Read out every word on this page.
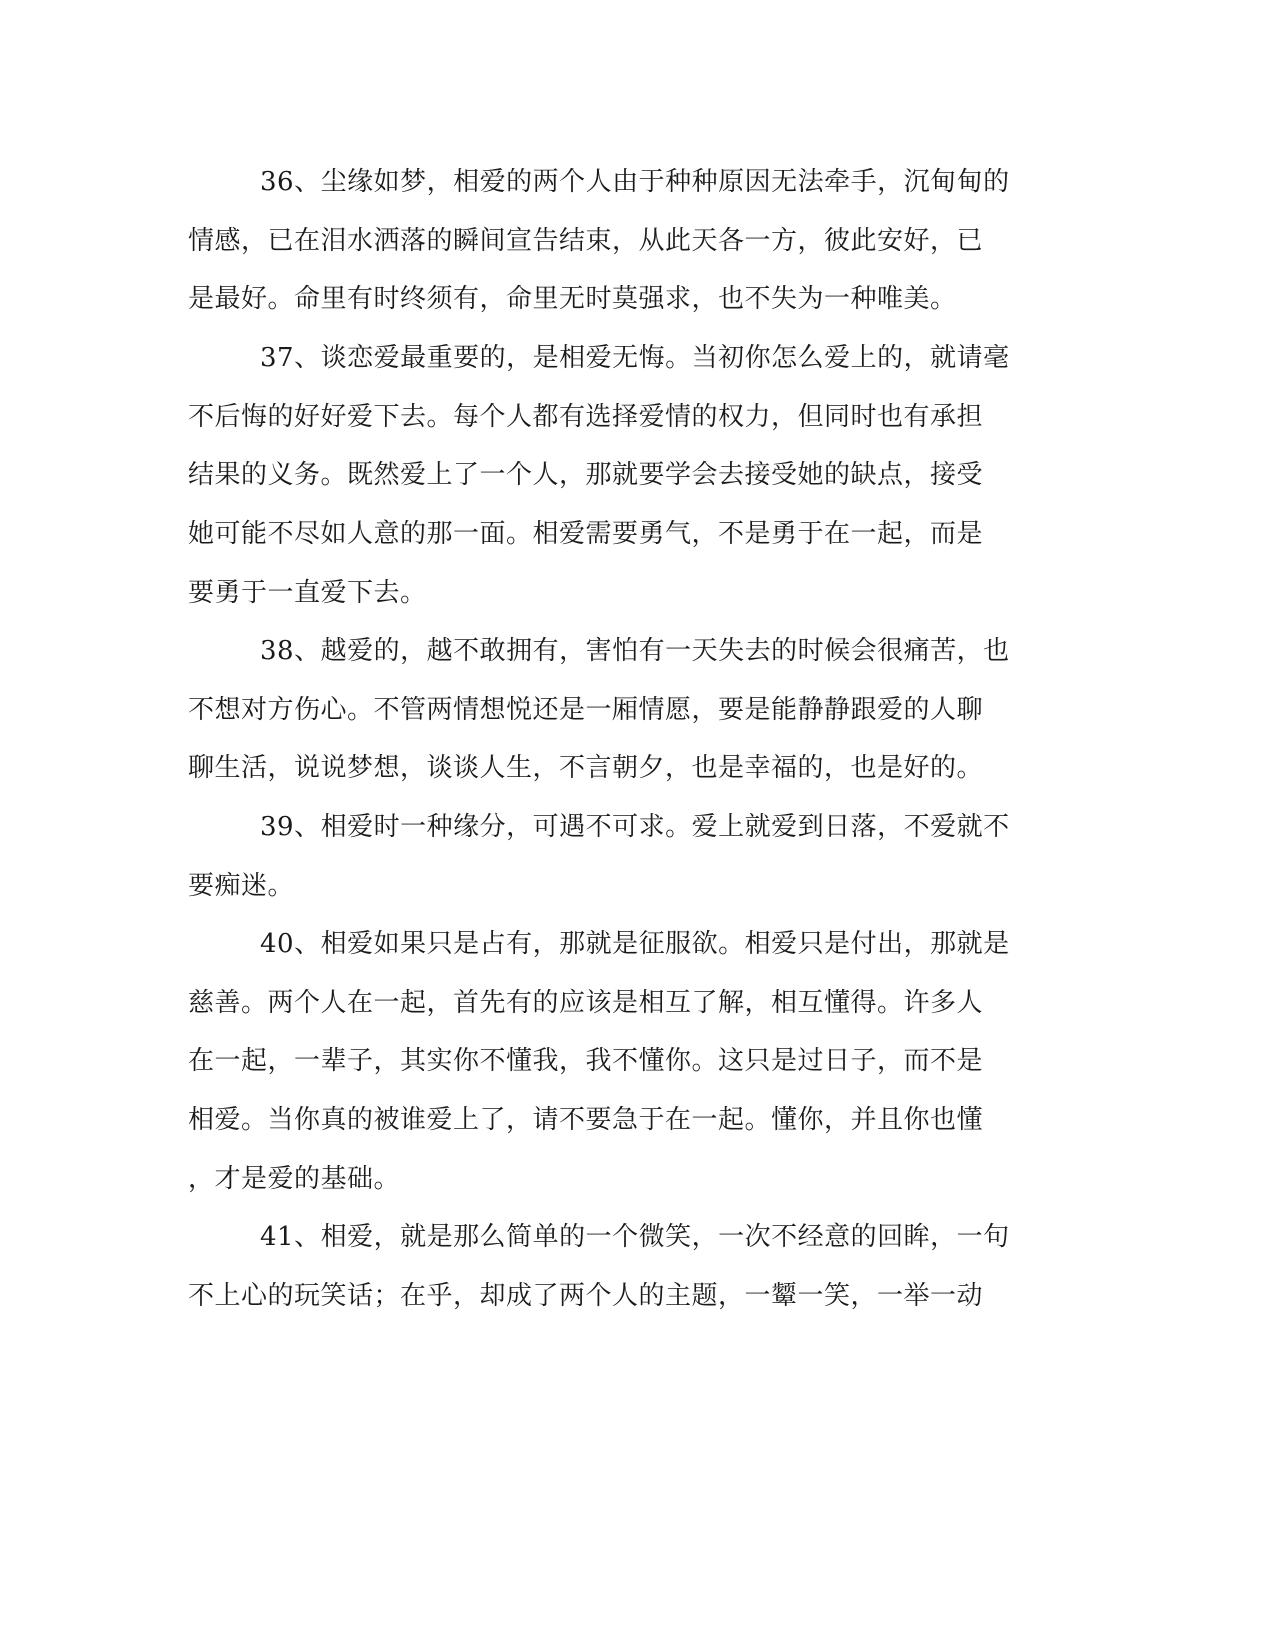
36、尘缘如梦，相爱的两个人由于种种原因无法牵手，沉甸甸的
情感，已在泪水洒落的瞬间宣告结束，从此天各一方，彼此安好，已
是最好。命里有时终须有，命里无时莫强求，也不失为一种唯美。
37、谈恋爱最重要的，是相爱无悔。当初你怎么爱上的，就请毫
不后悔的好好爱下去。每个人都有选择爱情的权力，但同时也有承担
结果的义务。既然爱上了一个人，那就要学会去接受她的缺点，接受
她可能不尽如人意的那一面。相爱需要勇气，不是勇于在一起，而是
要勇于一直爱下去。
38、越爱的，越不敢拥有，害怕有一天失去的时候会很痛苦，也
不想对方伤心。不管两情想悦还是一厢情愿，要是能静静跟爱的人聊
聊生活，说说梦想，谈谈人生，不言朝夕，也是幸福的，也是好的。
39、相爱时一种缘分，可遇不可求。爱上就爱到日落，不爱就不
要痴迷。
40、相爱如果只是占有，那就是征服欲。相爱只是付出，那就是
慈善。两个人在一起，首先有的应该是相互了解，相互懂得。许多人
在一起，一辈子，其实你不懂我，我不懂你。这只是过日子，而不是
相爱。当你真的被谁爱上了，请不要急于在一起。懂你，并且你也懂
，才是爱的基础。
41、相爱，就是那么简单的一个微笑，一次不经意的回眸，一句
不上心的玩笑话；在乎，却成了两个人的主题，一颦一笑，一举一动
